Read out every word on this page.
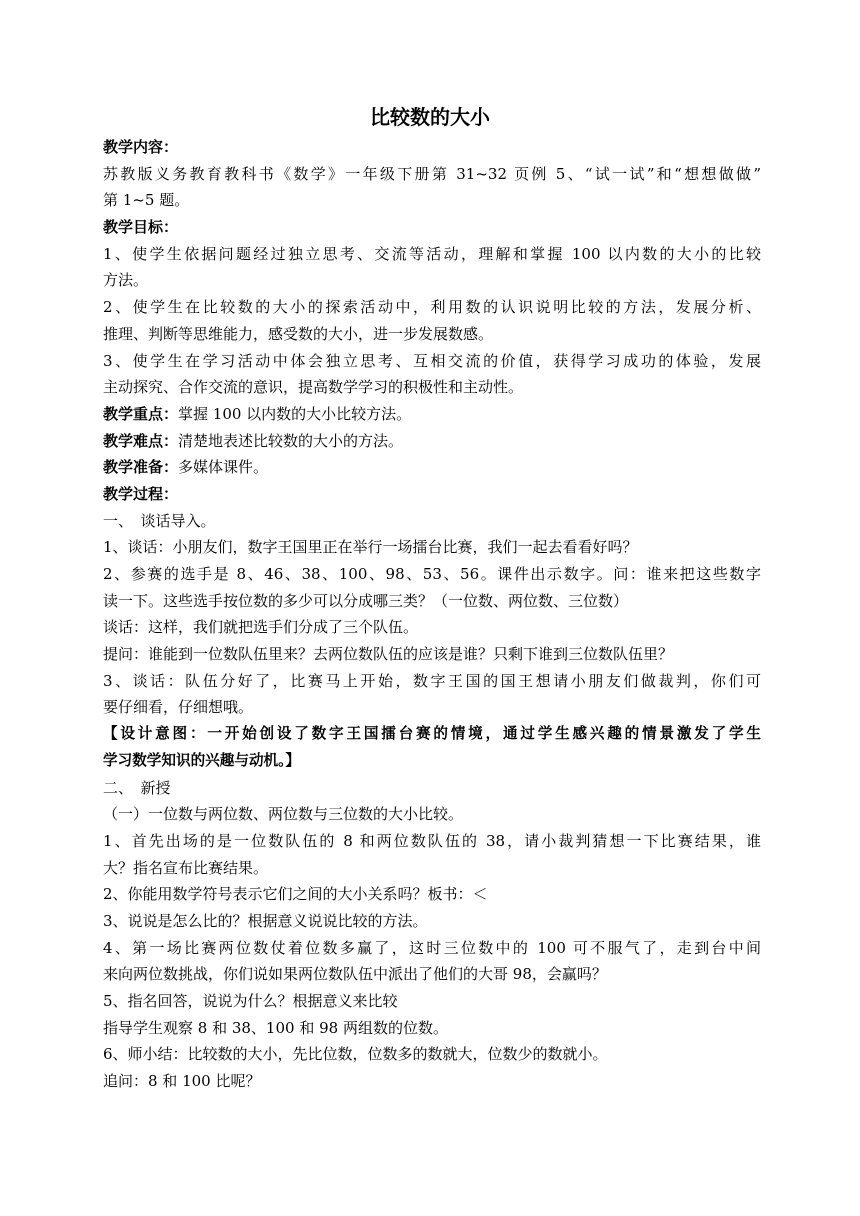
比较数的大小
教学内容：
苏教版义务教育教科书《数学》一年级下册第 31~32 页例 5、“试一试”和“想想做做”
第 1~5 题。
教学目标：
1、使学生依据问题经过独立思考、交流等活动，理解和掌握 100 以内数的大小的比较
方法。
2、使学生在比较数的大小的探索活动中，利用数的认识说明比较的方法，发展分析、
推理、判断等思维能力，感受数的大小，进一步发展数感。
3、使学生在学习活动中体会独立思考、互相交流的价值，获得学习成功的体验，发展
主动探究、合作交流的意识，提高数学学习的积极性和主动性。
教学重点：掌握 100 以内数的大小比较方法。
教学难点：清楚地表述比较数的大小的方法。
教学准备：多媒体课件。
教学过程：
一、　谈话导入。
1、谈话：小朋友们，数字王国里正在举行一场擂台比赛，我们一起去看看好吗？
2、参赛的选手是 8、46、38、100、98、53、56。课件出示数字。问：谁来把这些数字
读一下。这些选手按位数的多少可以分成哪三类？（一位数、两位数、三位数）
谈话：这样，我们就把选手们分成了三个队伍。
提问：谁能到一位数队伍里来？去两位数队伍的应该是谁？只剩下谁到三位数队伍里？
3、谈话：队伍分好了，比赛马上开始，数字王国的国王想请小朋友们做裁判，你们可
要仔细看，仔细想哦。
【设计意图：一开始创设了数字王国擂台赛的情境，通过学生感兴趣的情景激发了学生
学习数学知识的兴趣与动机。】
二、　新授
（一）一位数与两位数、两位数与三位数的大小比较。
1、首先出场的是一位数队伍的 8 和两位数队伍的 38，请小裁判猜想一下比赛结果，谁
大？指名宣布比赛结果。
2、你能用数学符号表示它们之间的大小关系吗？板书：＜
3、说说是怎么比的？根据意义说说比较的方法。
4、第一场比赛两位数仗着位数多赢了，这时三位数中的 100 可不服气了，走到台中间
来向两位数挑战，你们说如果两位数队伍中派出了他们的大哥 98，会赢吗？
5、指名回答，说说为什么？根据意义来比较
指导学生观察 8 和 38、100 和 98 两组数的位数。
6、师小结：比较数的大小，先比位数，位数多的数就大，位数少的数就小。
追问：8 和 100 比呢？
